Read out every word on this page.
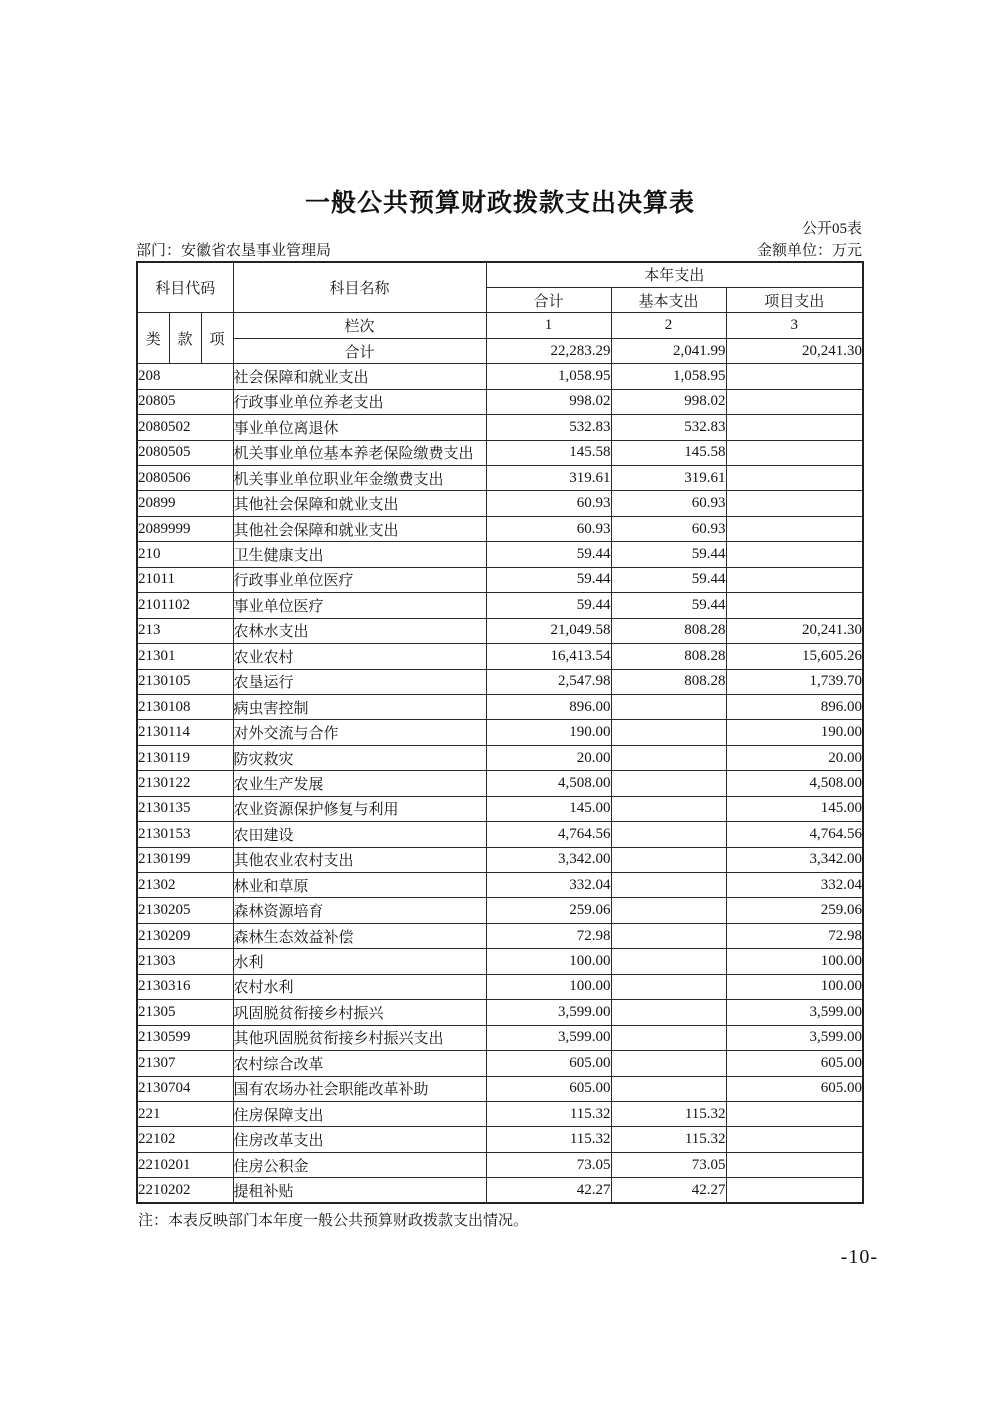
一般公共预算财政拨款支出决算表
公开05表
部门：安徽省农垦事业管理局	金额单位：万元
科目代码			科目名称	本年支出		
				合计	基本支出	项目支出
类	款	项	栏次	1	2	3
			合计	22,283.29	2,041.99	20,241.30
208			社会保障和就业支出	1,058.95	1,058.95	
20805			行政事业单位养老支出	998.02	998.02	
2080502			事业单位离退休	532.83	532.83	
2080505			机关事业单位基本养老保险缴费支出	145.58	145.58	
2080506			机关事业单位职业年金缴费支出	319.61	319.61	
20899			其他社会保障和就业支出	60.93	60.93	
2089999			其他社会保障和就业支出	60.93	60.93	
210			卫生健康支出	59.44	59.44	
21011			行政事业单位医疗	59.44	59.44	
2101102			事业单位医疗	59.44	59.44	
213			农林水支出	21,049.58	808.28	20,241.30
21301			农业农村	16,413.54	808.28	15,605.26
2130105			农垦运行	2,547.98	808.28	1,739.70
2130108			病虫害控制	896.00		896.00
2130114			对外交流与合作	190.00		190.00
2130119			防灾救灾	20.00		20.00
2130122			农业生产发展	4,508.00		4,508.00
2130135			农业资源保护修复与利用	145.00		145.00
2130153			农田建设	4,764.56		4,764.56
2130199			其他农业农村支出	3,342.00		3,342.00
21302			林业和草原	332.04		332.04
2130205			森林资源培育	259.06		259.06
2130209			森林生态效益补偿	72.98		72.98
21303			水利	100.00		100.00
2130316			农村水利	100.00		100.00
21305			巩固脱贫衔接乡村振兴	3,599.00		3,599.00
2130599			其他巩固脱贫衔接乡村振兴支出	3,599.00		3,599.00
21307			农村综合改革	605.00		605.00
2130704			国有农场办社会职能改革补助	605.00		605.00
221			住房保障支出	115.32	115.32	
22102			住房改革支出	115.32	115.32	
2210201			住房公积金	73.05	73.05	
2210202			提租补贴	42.27	42.27	
注：本表反映部门本年度一般公共预算财政拨款支出情况。
-10-
